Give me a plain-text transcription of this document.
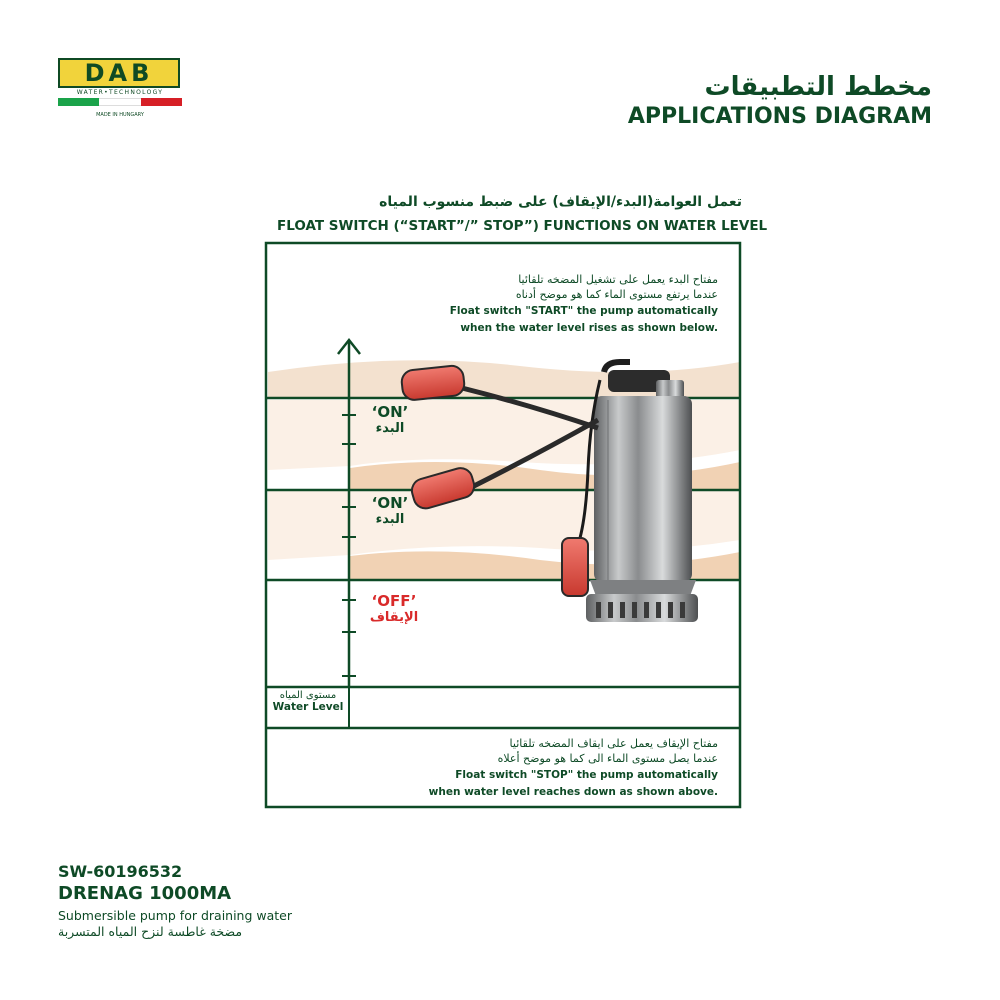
DAB
WATER•TECHNOLOGY
MADE IN HUNGARY
مخطط التطبيقات
APPLICATIONS DIAGRAM
تعمل العوامة(البدء/الإيقاف) على ضبط منسوب المياه
FLOAT SWITCH (“START”/” STOP”) FUNCTIONS ON WATER LEVEL
مفتاح البدء يعمل على تشغيل المضخه تلقائيا
عندما يرتفع مستوى الماء كما هو موضح أدناه
Float switch "START" the pump automatically
when the water level rises as shown below.
‘ON’
البدء
‘ON’
البدء
‘OFF’
الإيقاف
مستوى المياه
Water Level
مفتاح الإيقاف يعمل على ايقاف المضخه تلقائيا
عندما يصل مستوى الماء الى كما هو موضح أعلاه
Float switch "STOP" the pump automatically
when water level reaches down as shown above.
SW-60196532
DRENAG 1000MA
Submersible pump for draining water
مضخة غاطسة لنزح المياه المتسربة
